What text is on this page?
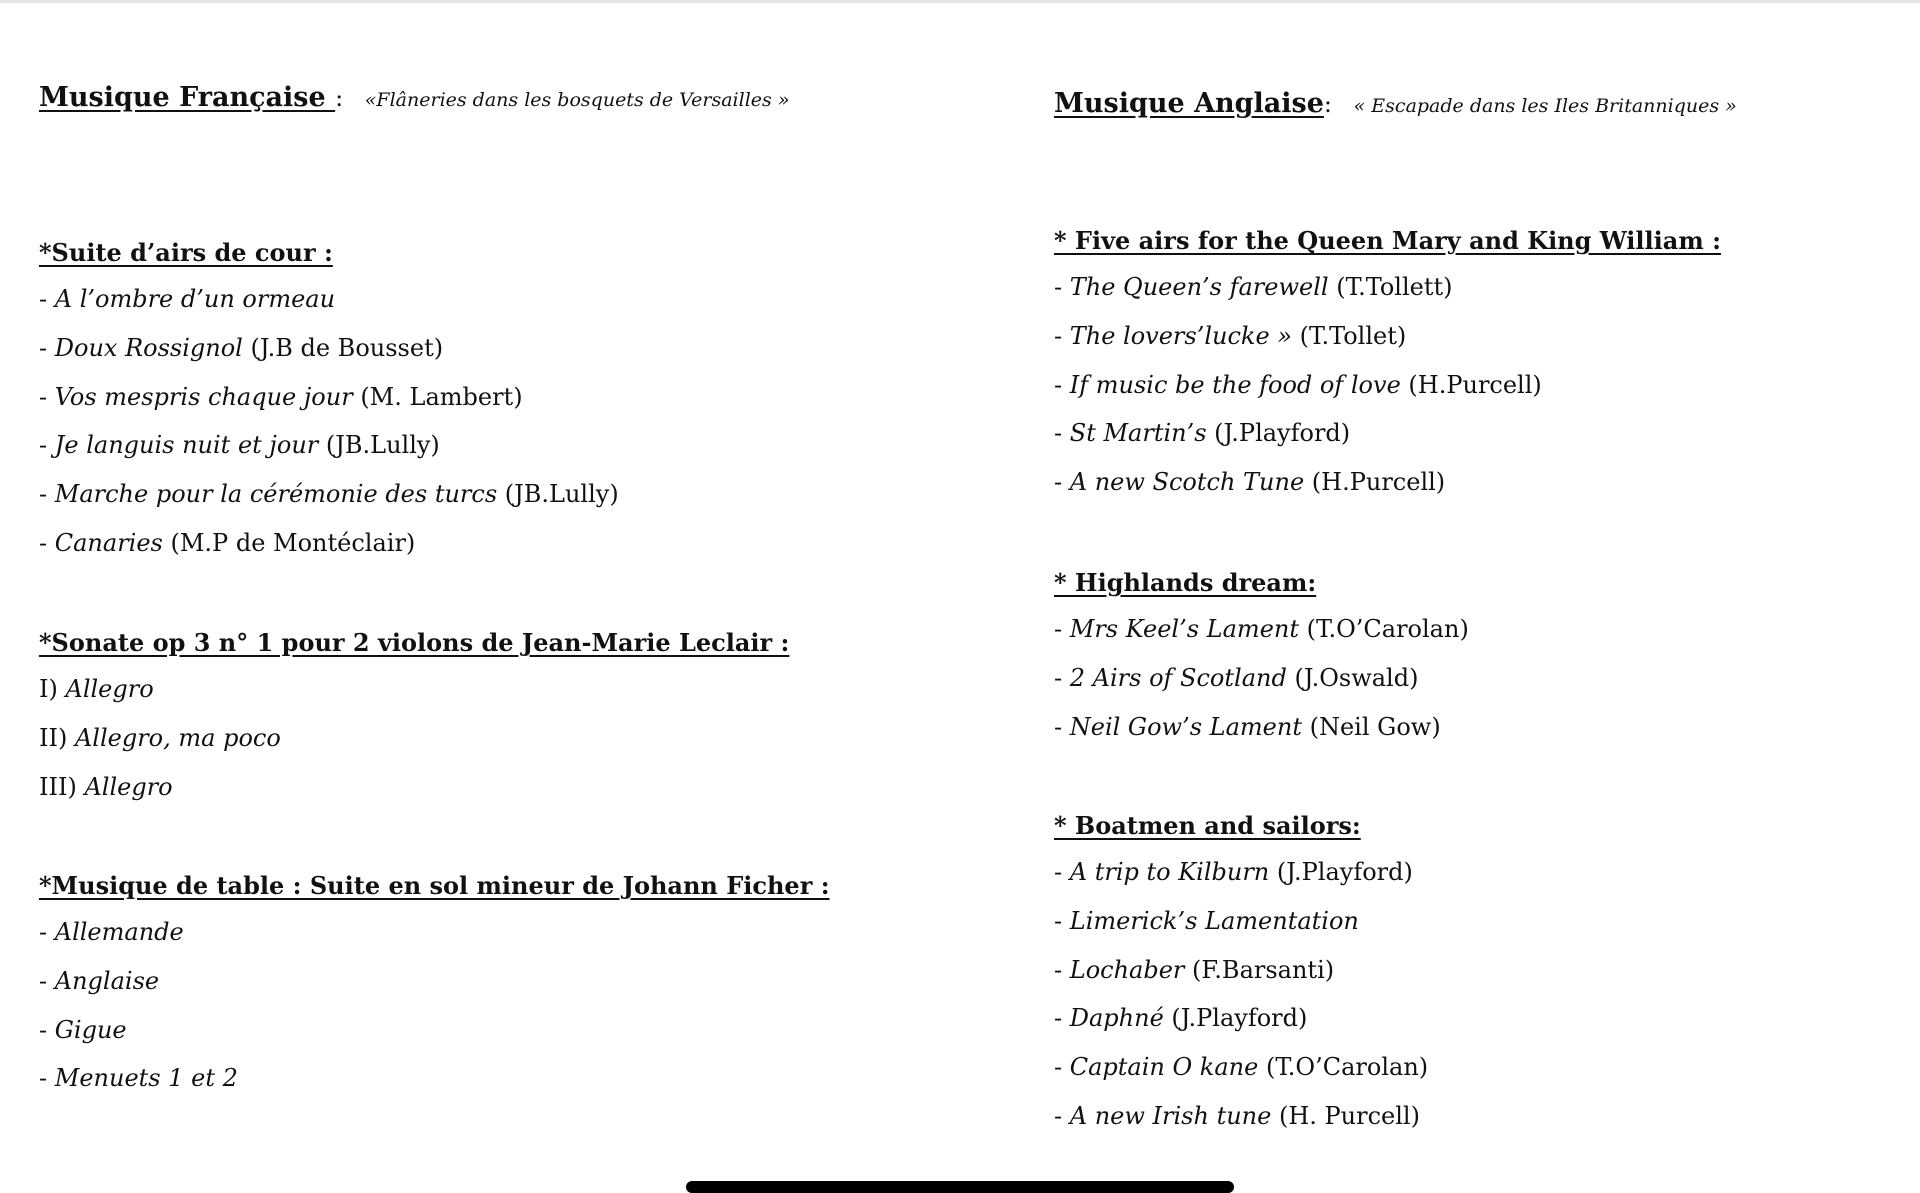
Musique Française : «Flâneries dans les bosquets de Versailles »
*Suite d’airs de cour :
- A l’ombre d’un ormeau
- Doux Rossignol (J.B de Bousset)
- Vos mespris chaque jour (M. Lambert)
- Je languis nuit et jour (JB.Lully)
- Marche pour la cérémonie des turcs (JB.Lully)
- Canaries (M.P de Montéclair)
*Sonate op 3 n° 1 pour 2 violons de Jean-Marie Leclair :
I) Allegro
II) Allegro, ma poco
III) Allegro
*Musique de table : Suite en sol mineur de Johann Ficher :
- Allemande
- Anglaise
- Gigue
- Menuets 1 et 2
Musique Anglaise: « Escapade dans les Iles Britanniques »
* Five airs for the Queen Mary and King William :
- The Queen’s farewell (T.Tollett)
- The lovers’lucke » (T.Tollet)
- If music be the food of love (H.Purcell)
- St Martin’s (J.Playford)
- A new Scotch Tune (H.Purcell)
* Highlands dream:
- Mrs Keel’s Lament (T.O’Carolan)
- 2 Airs of Scotland (J.Oswald)
- Neil Gow’s Lament (Neil Gow)
* Boatmen and sailors:
- A trip to Kilburn (J.Playford)
- Limerick’s Lamentation
- Lochaber (F.Barsanti)
- Daphné (J.Playford)
- Captain O kane (T.O’Carolan)
- A new Irish tune (H. Purcell)
